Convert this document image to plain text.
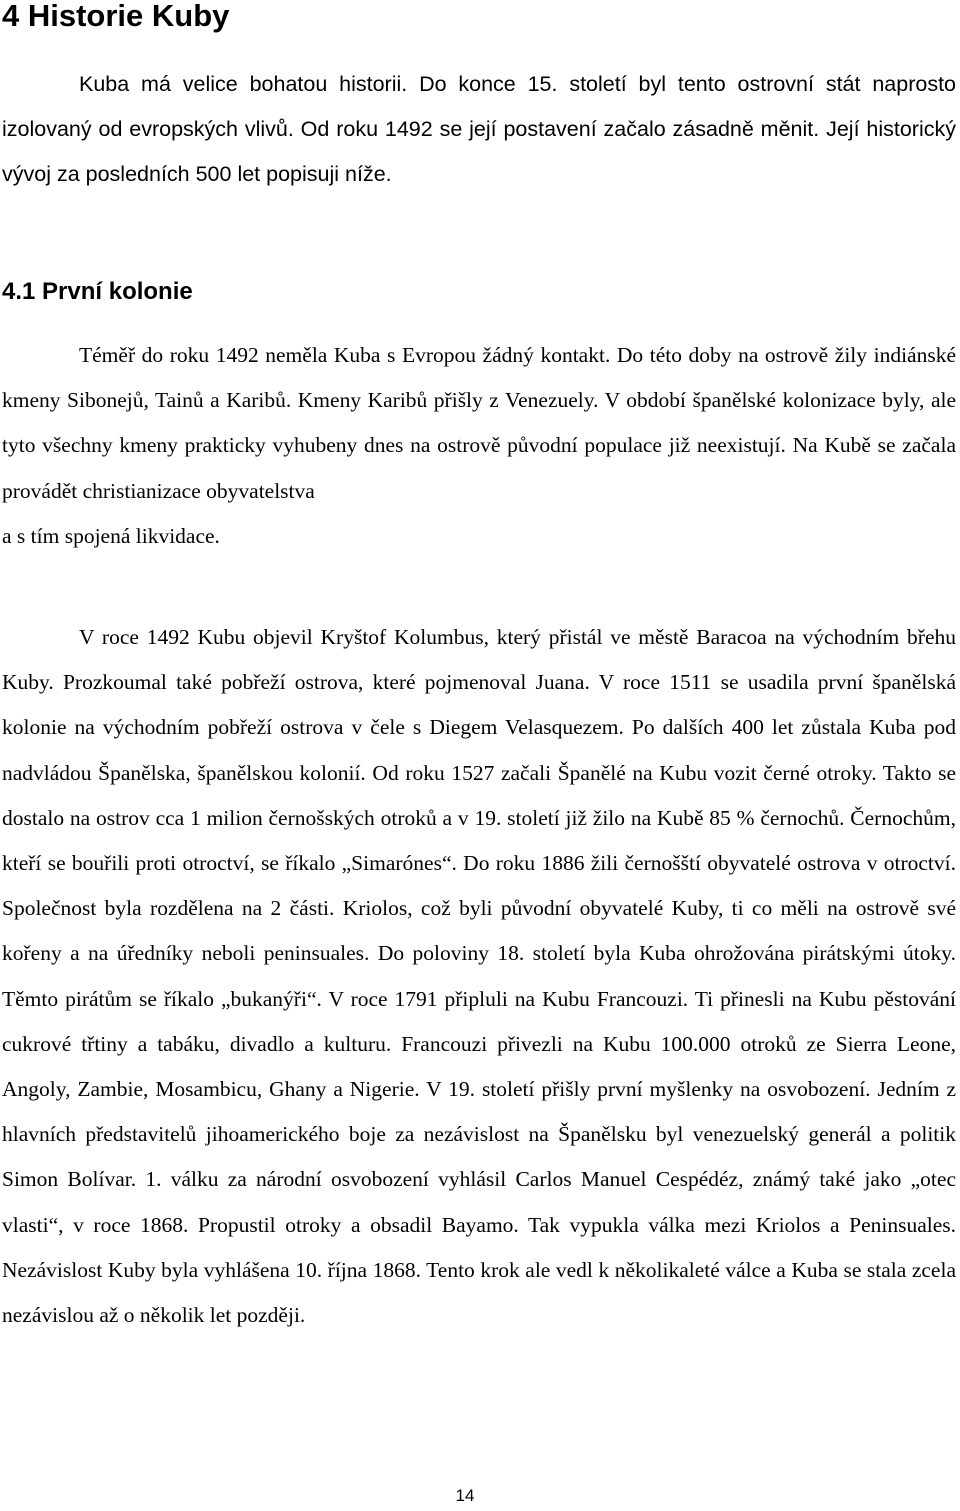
4 Historie Kuby

Kuba má velice bohatou historii. Do konce 15. století byl tento ostrovní stát naprosto izolovaný od evropských vlivů. Od roku 1492 se její postavení začalo zásadně měnit. Její historický vývoj za posledních 500 let popisuji níže.

4.1 První kolonie

Téměř do roku 1492 neměla Kuba s Evropou žádný kontakt. Do této doby na ostrově žily indiánské kmeny Sibonejů, Tainů a Karibů. Kmeny Karibů přišly z Venezuely. V období španělské kolonizace byly, ale tyto všechny kmeny prakticky vyhubeny dnes na ostrově původní populace již neexistují. Na Kubě se začala provádět christianizace obyvatelstva

a s tím spojená likvidace.

V roce 1492 Kubu objevil Kryštof Kolumbus, který přistál ve městě Baracoa na východním břehu Kuby. Prozkoumal také pobřeží ostrova, které pojmenoval Juana. V roce 1511 se usadila první španělská kolonie na východním pobřeží ostrova v čele s Diegem Velasquezem. Po dalších 400 let zůstala Kuba pod nadvládou Španělska, španělskou kolonií. Od roku 1527 začali Španělé na Kubu vozit černé otroky. Takto se dostalo na ostrov cca 1 milion černošských otroků a v 19. století již žilo na Kubě 85 % černochů. Černochům, kteří se bouřili proti otroctví, se říkalo „Simarónes“. Do roku 1886 žili černošští obyvatelé ostrova v otroctví. Společnost byla rozdělena na 2 části. Kriolos, což byli původní obyvatelé Kuby, ti co měli na ostrově své kořeny a na úředníky neboli peninsuales. Do poloviny 18. století byla Kuba ohrožována pirátskými útoky. Těmto pirátům se říkalo „bukanýři“. V roce 1791 připluli na Kubu Francouzi. Ti přinesli na Kubu pěstování cukrové třtiny a tabáku, divadlo a kulturu. Francouzi přivezli na Kubu 100.000 otroků ze Sierra Leone, Angoly, Zambie, Mosambicu, Ghany a Nigerie. V 19. století přišly první myšlenky na osvobození. Jedním z hlavních představitelů jihoamerického boje za nezávislost na Španělsku byl venezuelský generál a politik Simon Bolívar. 1. válku za národní osvobození vyhlásil Carlos Manuel Cespédéz, známý také jako „otec vlasti“, v roce 1868. Propustil otroky a obsadil Bayamo. Tak vypukla válka mezi Kriolos a Peninsuales. Nezávislost Kuby byla vyhlášena 10. října 1868. Tento krok ale vedl k několikaleté válce a Kuba se stala zcela nezávislou až o několik let později.

14
